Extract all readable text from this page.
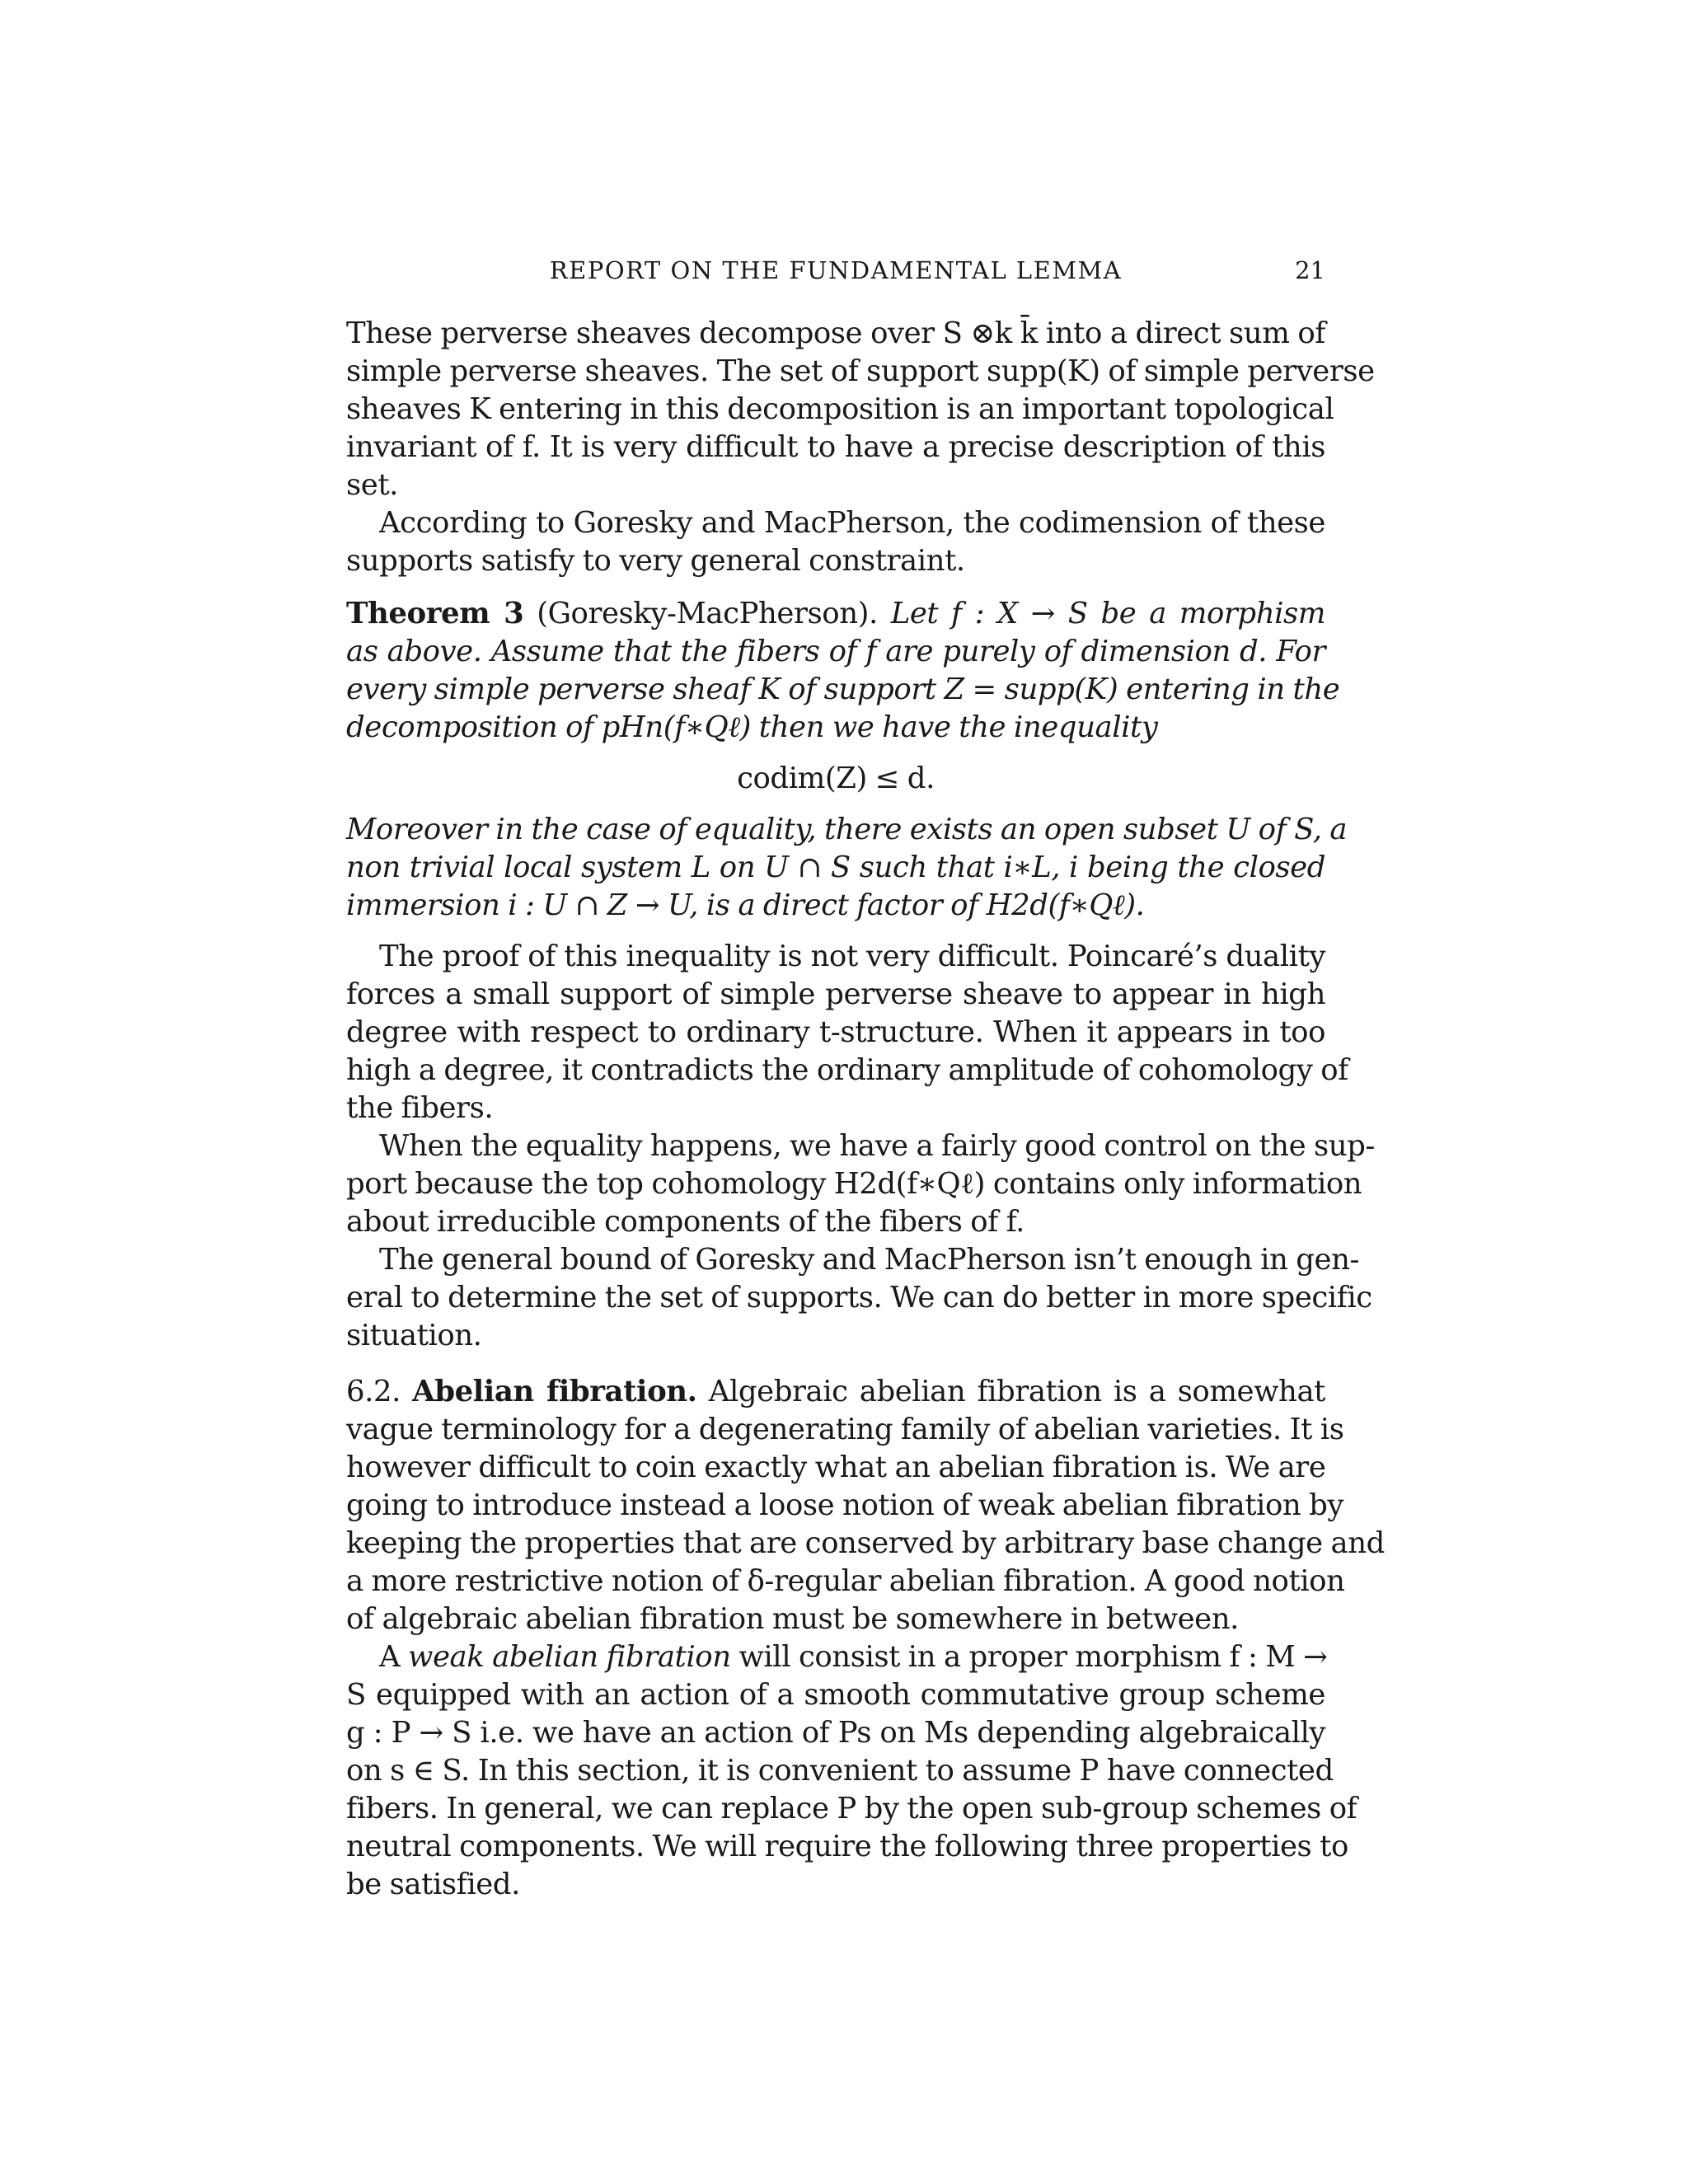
REPORT ON THE FUNDAMENTAL LEMMA	21
These perverse sheaves decompose over S ⊗k k̄ into a direct sum of
simple perverse sheaves. The set of support supp(K) of simple perverse
sheaves K entering in this decomposition is an important topological
invariant of f. It is very difficult to have a precise description of this
set.
According to Goresky and MacPherson, the codimension of these
supports satisfy to very general constraint.
Theorem 3 (Goresky-MacPherson). Let f : X → S be a morphism
as above. Assume that the fibers of f are purely of dimension d. For
every simple perverse sheaf K of support Z = supp(K) entering in the
decomposition of pHn(f∗Qℓ) then we have the inequality
codim(Z) ≤ d.
Moreover in the case of equality, there exists an open subset U of S, a
non trivial local system L on U ∩ S such that i∗L, i being the closed
immersion i : U ∩ Z → U, is a direct factor of H2d(f∗Qℓ).
The proof of this inequality is not very difficult. Poincaré’s duality
forces a small support of simple perverse sheave to appear in high
degree with respect to ordinary t-structure. When it appears in too
high a degree, it contradicts the ordinary amplitude of cohomology of
the fibers.
When the equality happens, we have a fairly good control on the sup-
port because the top cohomology H2d(f∗Qℓ) contains only information
about irreducible components of the fibers of f.
The general bound of Goresky and MacPherson isn’t enough in gen-
eral to determine the set of supports. We can do better in more specific
situation.
6.2. Abelian fibration. Algebraic abelian fibration is a somewhat
vague terminology for a degenerating family of abelian varieties. It is
however difficult to coin exactly what an abelian fibration is. We are
going to introduce instead a loose notion of weak abelian fibration by
keeping the properties that are conserved by arbitrary base change and
a more restrictive notion of δ-regular abelian fibration. A good notion
of algebraic abelian fibration must be somewhere in between.
A weak abelian fibration will consist in a proper morphism f : M →
S equipped with an action of a smooth commutative group scheme
g : P → S i.e. we have an action of Ps on Ms depending algebraically
on s ∈ S. In this section, it is convenient to assume P have connected
fibers. In general, we can replace P by the open sub-group schemes of
neutral components. We will require the following three properties to
be satisfied.
